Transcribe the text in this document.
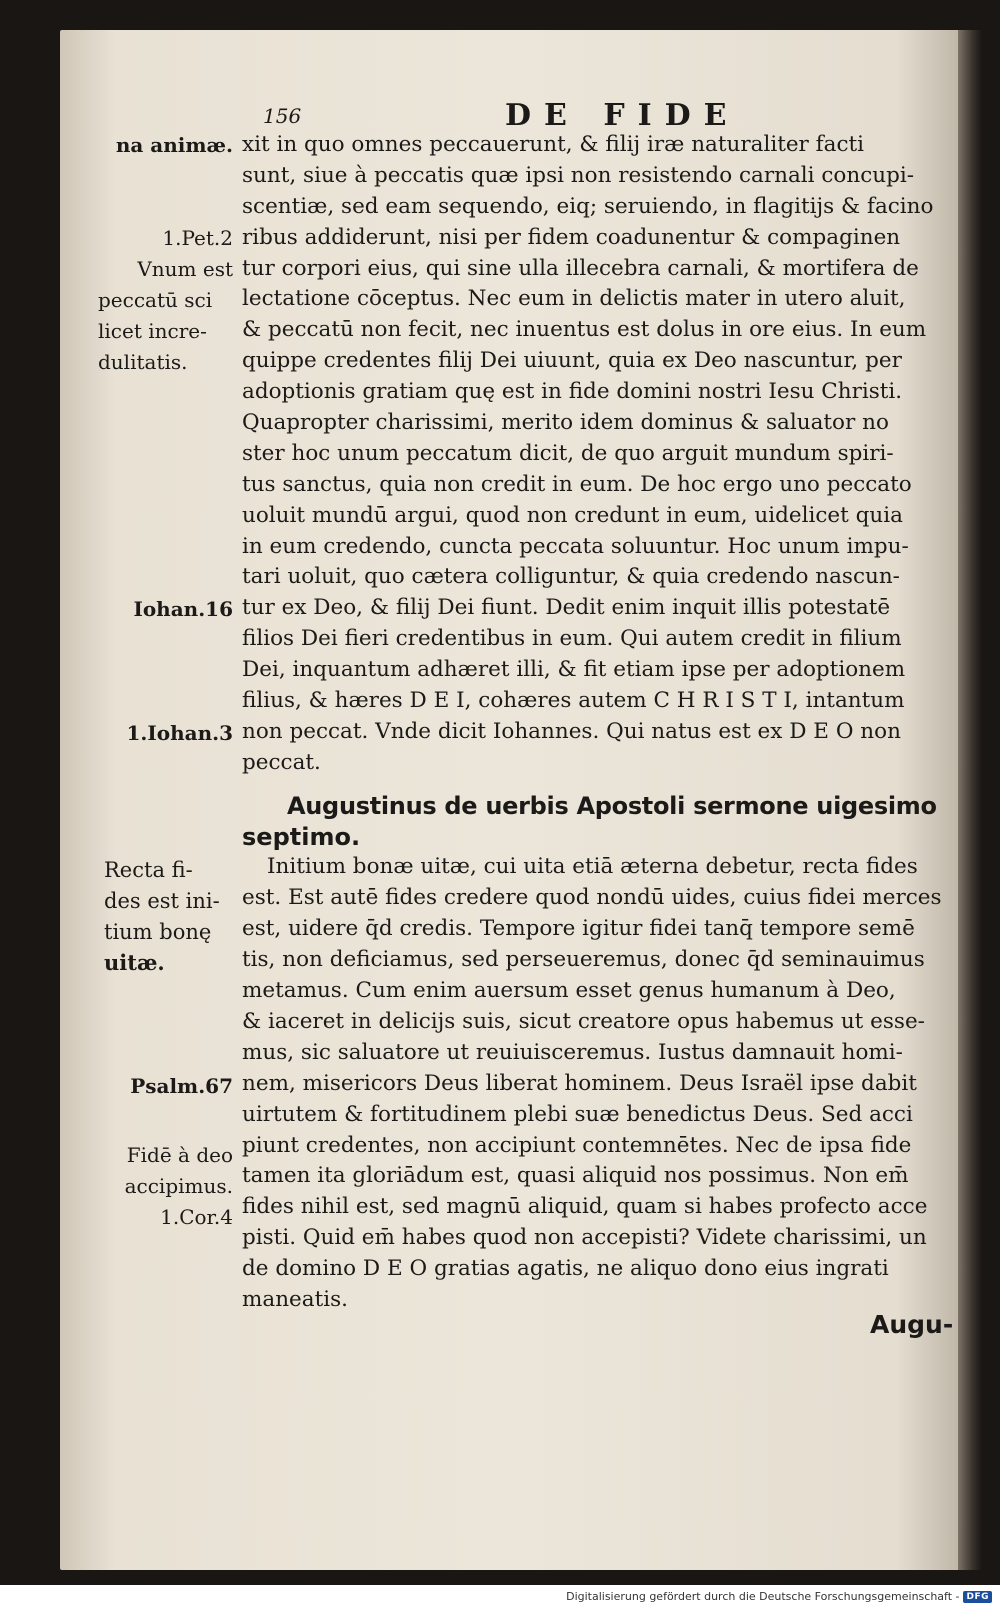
156	DE FIDE
xit in quo omnes peccauerunt, & filij iræ naturaliter facti
sunt, siue à peccatis quæ ipsi non resistendo carnali concupi-
scentiæ, sed eam sequendo, eiq; seruiendo, in flagitijs & facino
ribus addiderunt, nisi per fidem coadunentur & compaginen
tur corpori eius, qui sine ulla illecebra carnali, & mortifera de
lectatione cōceptus. Nec eum in delictis mater in utero aluit,
& peccatū non fecit, nec inuentus est dolus in ore eius. In eum
quippe credentes filij Dei uiuunt, quia ex Deo nascuntur, per
adoptionis gratiam quę est in fide domini nostri Iesu Christi.
Quapropter charissimi, merito idem dominus & saluator no
ster hoc unum peccatum dicit, de quo arguit mundum spiri-
tus sanctus, quia non credit in eum. De hoc ergo uno peccato
uoluit mundū argui, quod non credunt in eum, uidelicet quia
in eum credendo, cuncta peccata soluuntur. Hoc unum impu-
tari uoluit, quo cætera colliguntur, & quia credendo nascun-
tur ex Deo, & filij Dei fiunt. Dedit enim inquit illis potestatē
filios Dei fieri credentibus in eum. Qui autem credit in filium
Dei, inquantum adhæret illi, & fit etiam ipse per adoptionem
filius, & hæres D E I, cohæres autem C H R I S T I, intantum
non peccat. Vnde dicit Iohannes. Qui natus est ex D E O non
peccat.
Augustinus de uerbis Apostoli sermone uigesimo
septimo.
Initium bonæ uitæ, cui uita etiā æterna debetur, recta fides
est. Est autē fides credere quod nondū uides, cuius fidei merces
est, uidere q̄d credis. Tempore igitur fidei tanq̄ tempore semē
tis, non deficiamus, sed perseueremus, donec q̄d seminauimus
metamus. Cum enim auersum esset genus humanum à Deo,
& iaceret in delicijs suis, sicut creatore opus habemus ut esse-
mus, sic saluatore ut reuiuisceremus. Iustus damnauit homi-
nem, misericors Deus liberat hominem. Deus Israël ipse dabit
uirtutem & fortitudinem plebi suæ benedictus Deus. Sed acci
piunt credentes, non accipiunt contemnētes. Nec de ipsa fide
tamen ita gloriādum est, quasi aliquid nos possimus. Non em̄
fides nihil est, sed magnū aliquid, quam si habes profecto acce
pisti. Quid em̄ habes quod non accepisti? Videte charissimi, un
de domino D E O gratias agatis, ne aliquo dono eius ingrati
maneatis.
na animæ.
1.Pet.2
Vnum est
peccatū sci
licet incre-
dulitatis.
Iohan.16
1.Iohan.3
Recta fi-
des est ini-
tium bonę
uitæ.
Psalm.67
Fidē à deo
accipimus.
1.Cor.4
Augu-
Digitalisierung gefördert durch die Deutsche Forschungsgemeinschaft - DFG
